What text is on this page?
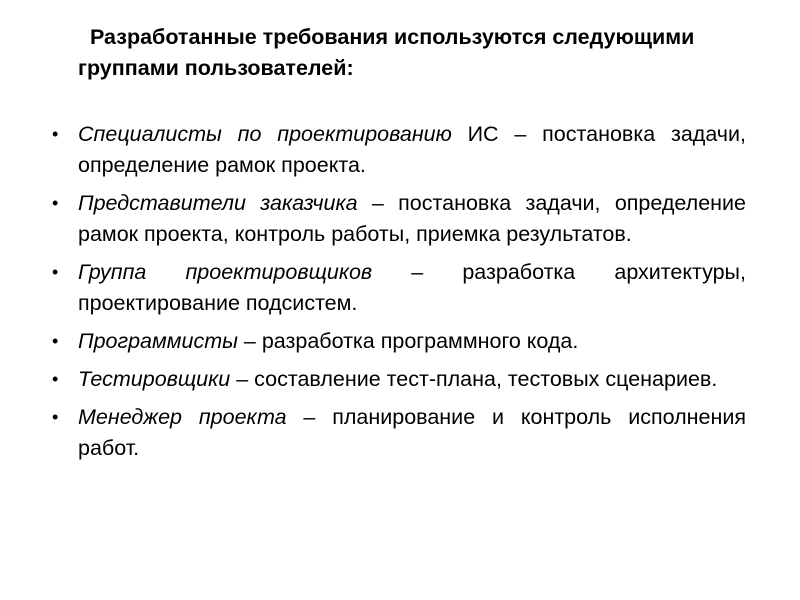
Разработанные требования используются следующими группами пользователей:

• Специалисты по проектированию ИС – постановка задачи, определение рамок проекта.
• Представители заказчика – постановка задачи, определение рамок проекта, контроль работы, приемка результатов.
• Группа проектировщиков – разработка архитектуры, проектирование подсистем.
• Программисты – разработка программного кода.
• Тестировщики – составление тест-плана, тестовых сценариев.
• Менеджер проекта – планирование и контроль исполнения работ.
